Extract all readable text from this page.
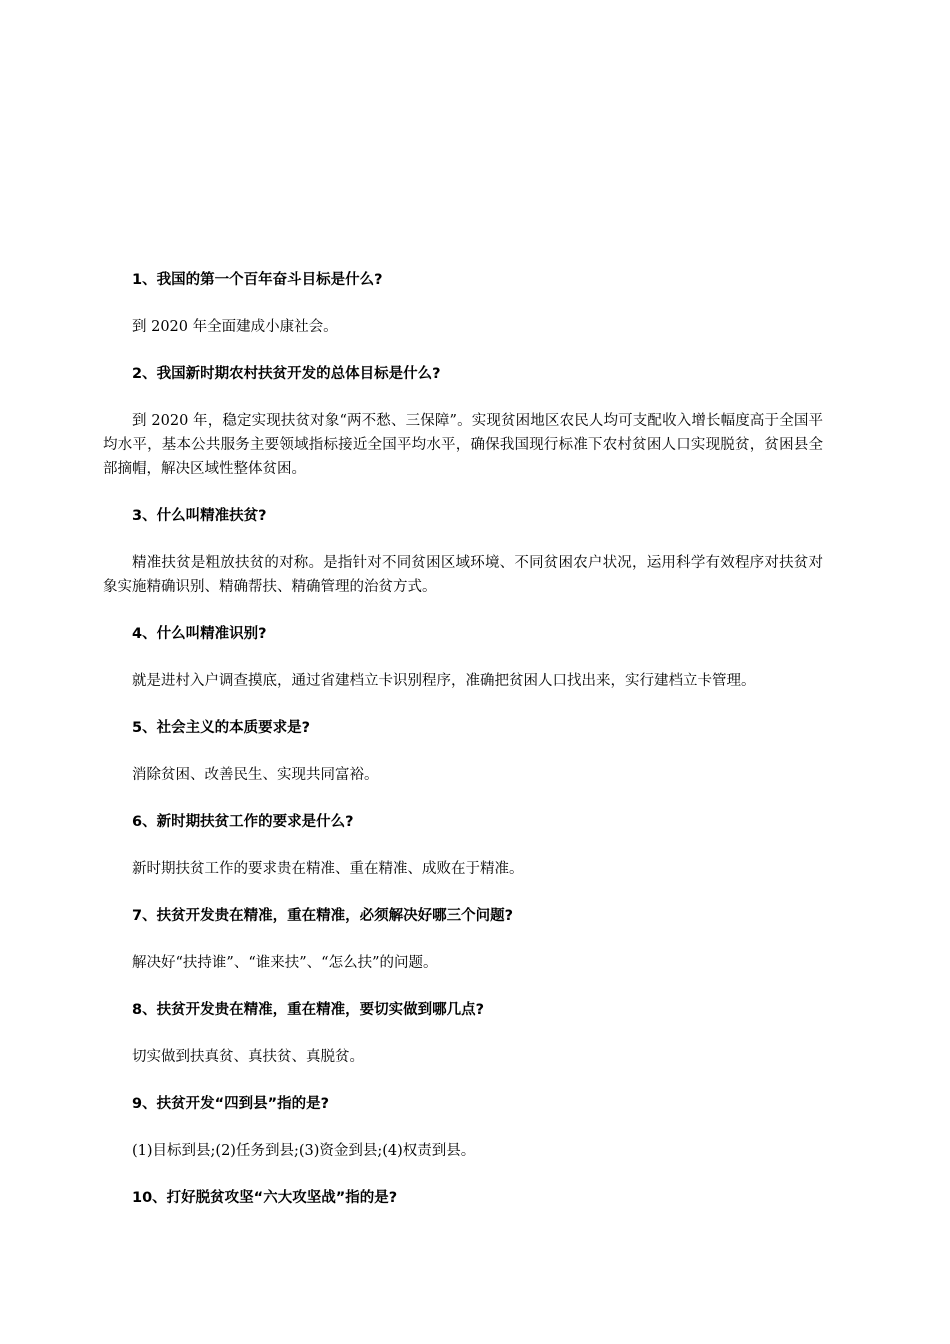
1、我国的第一个百年奋斗目标是什么?

到 2020 年全面建成小康社会。

2、我国新时期农村扶贫开发的总体目标是什么?

到 2020 年，稳定实现扶贫对象“两不愁、三保障”。实现贫困地区农民人均可支配收入增长幅度高于全国平均水平，基本公共服务主要领域指标接近全国平均水平，确保我国现行标准下农村贫困人口实现脱贫，贫困县全部摘帽，解决区域性整体贫困。

3、什么叫精准扶贫?

精准扶贫是粗放扶贫的对称。是指针对不同贫困区域环境、不同贫困农户状况，运用科学有效程序对扶贫对象实施精确识别、精确帮扶、精确管理的治贫方式。

4、什么叫精准识别?

就是进村入户调查摸底，通过省建档立卡识别程序，准确把贫困人口找出来，实行建档立卡管理。

5、社会主义的本质要求是?

消除贫困、改善民生、实现共同富裕。

6、新时期扶贫工作的要求是什么?

新时期扶贫工作的要求贵在精准、重在精准、成败在于精准。

7、扶贫开发贵在精准，重在精准，必须解决好哪三个问题?

解决好“扶持谁”、“谁来扶”、“怎么扶”的问题。

8、扶贫开发贵在精准，重在精准，要切实做到哪几点?

切实做到扶真贫、真扶贫、真脱贫。

9、扶贫开发“四到县”指的是?

(1)目标到县;(2)任务到县;(3)资金到县;(4)权责到县。

10、打好脱贫攻坚“六大攻坚战”指的是?
